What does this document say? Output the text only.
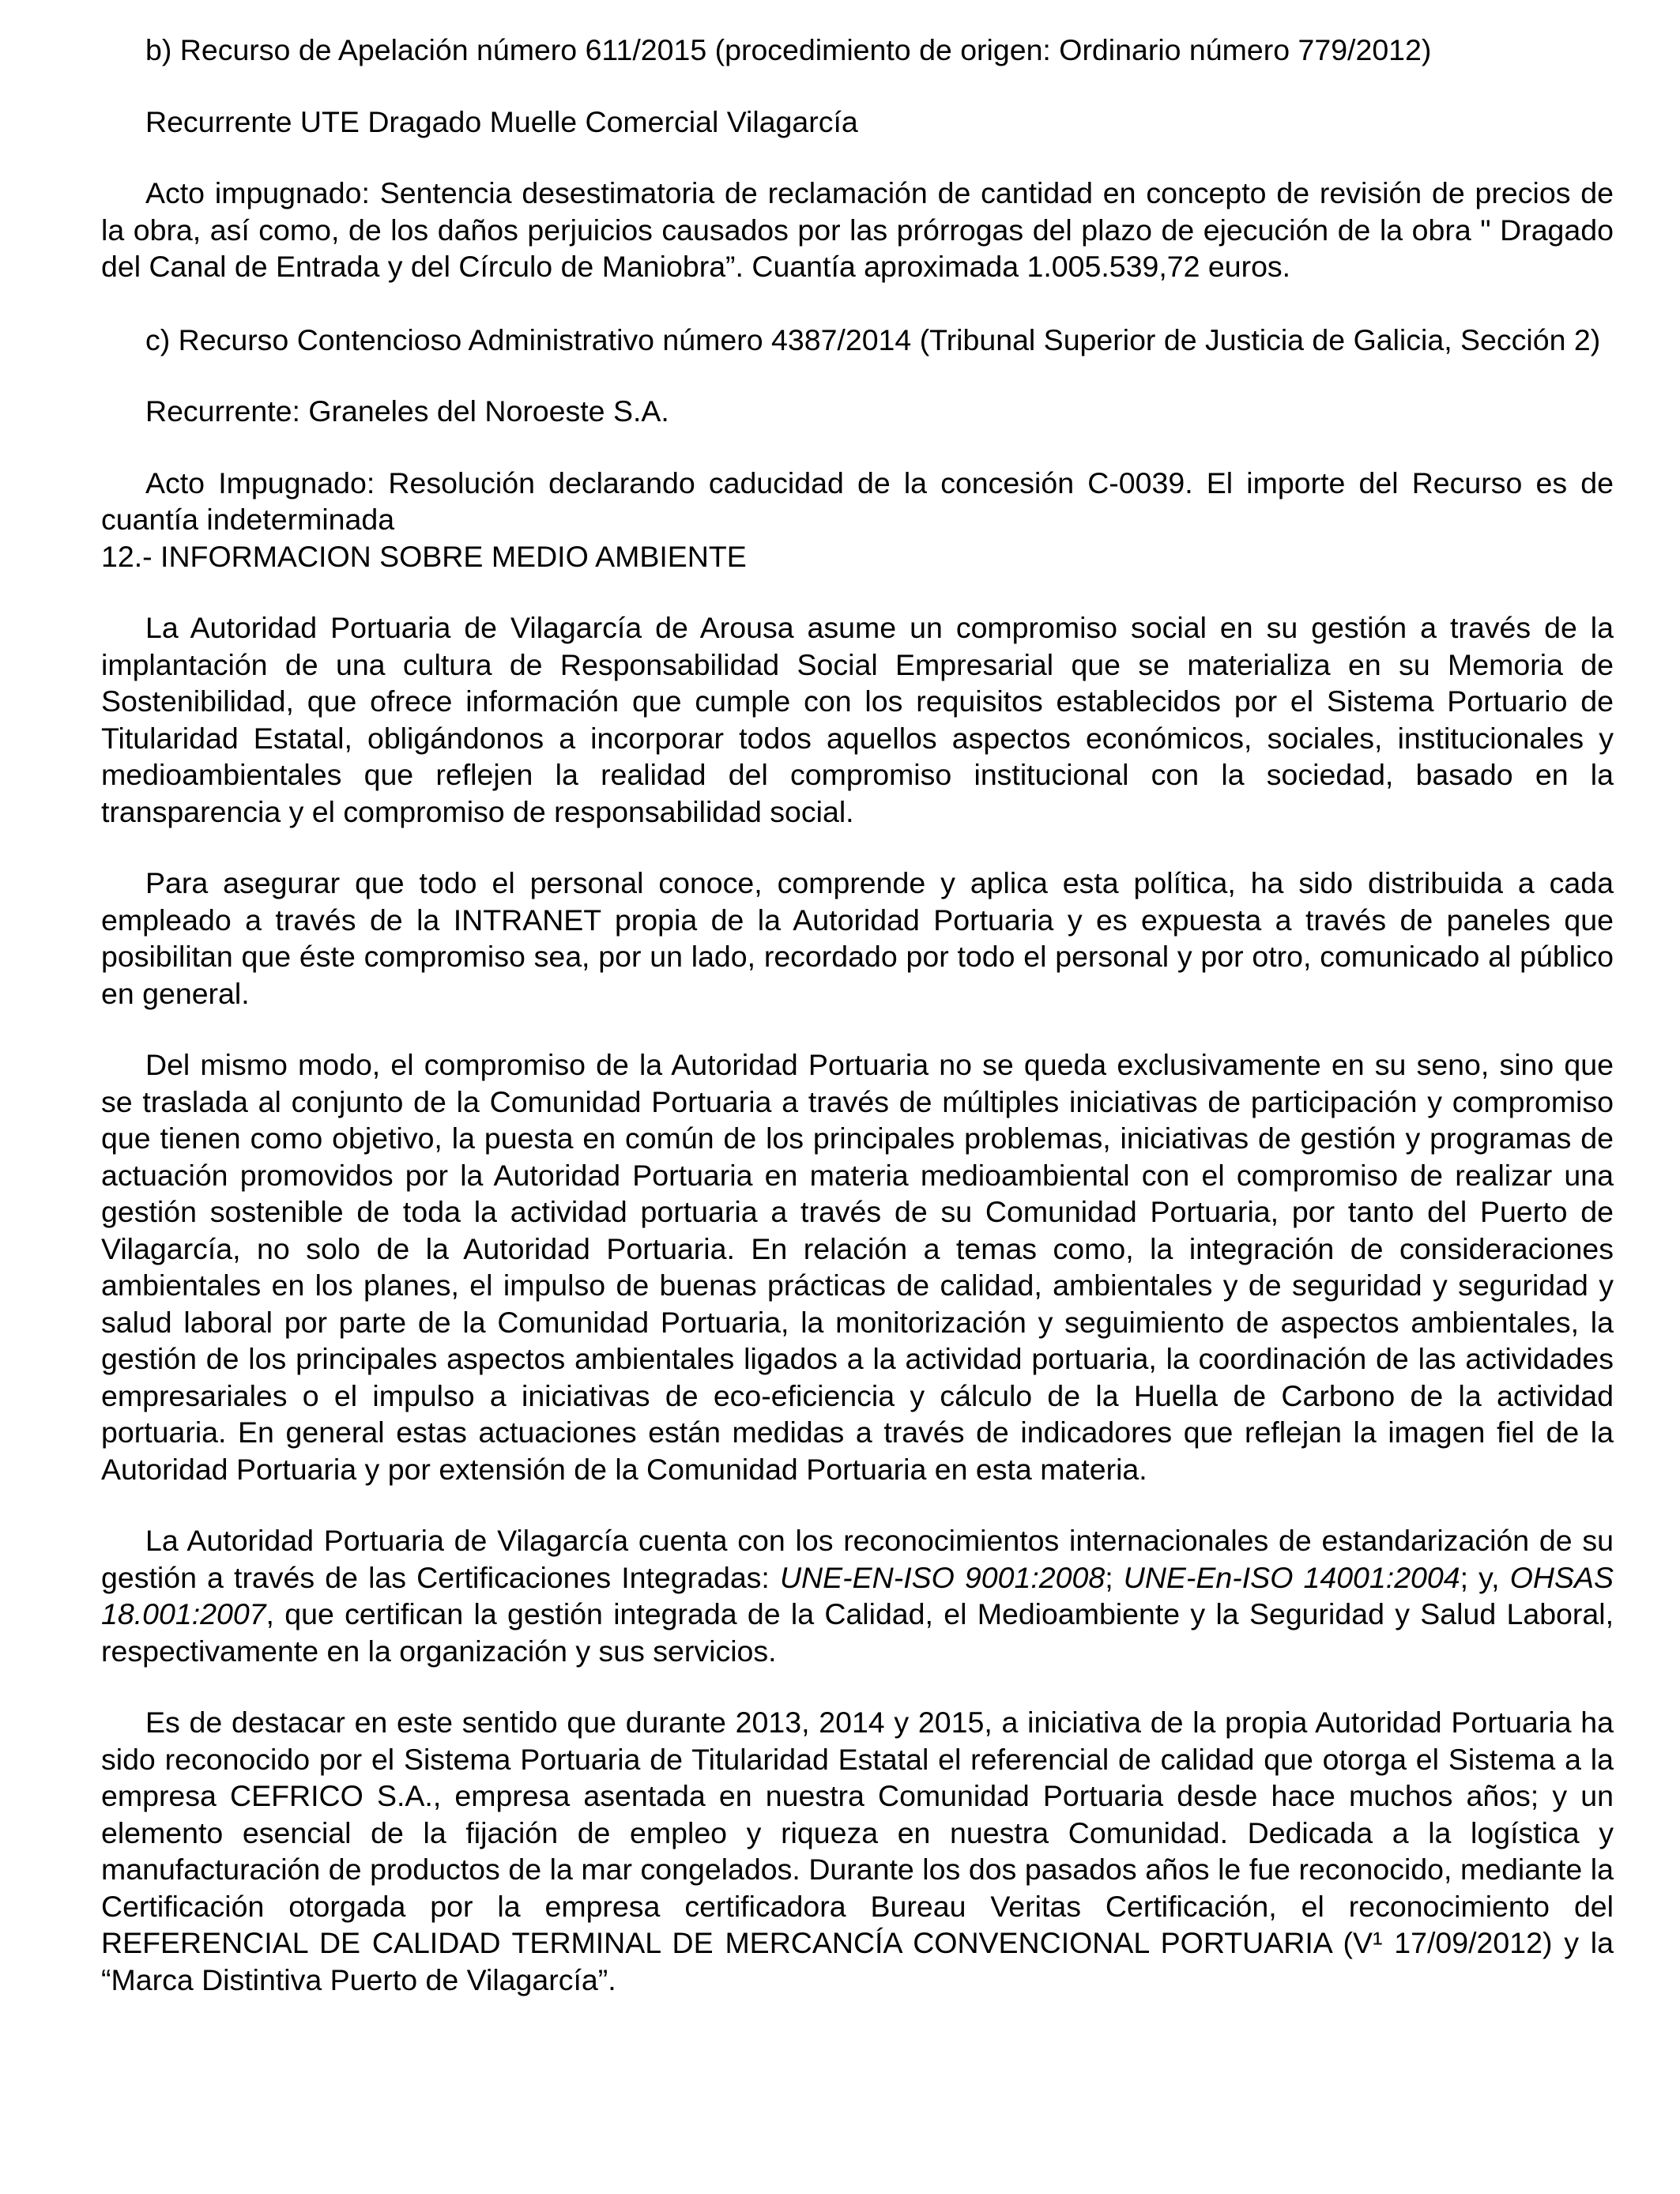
b) Recurso de Apelación número 611/2015 (procedimiento de origen: Ordinario número 779/2012)

Recurrente UTE Dragado Muelle Comercial Vilagarcía

Acto impugnado: Sentencia desestimatoria de reclamación de cantidad en concepto de revisión de precios de la obra, así como, de los daños perjuicios causados por las prórrogas del plazo de ejecución de la obra " Dragado del Canal de Entrada y del Círculo de Maniobra”. Cuantía aproximada 1.005.539,72 euros.

c) Recurso Contencioso Administrativo número 4387/2014 (Tribunal Superior de Justicia de Galicia, Sección 2)

Recurrente: Graneles del Noroeste S.A.

Acto Impugnado: Resolución declarando caducidad de la concesión C-0039. El importe del Recurso es de cuantía indeterminada

12.- INFORMACION SOBRE MEDIO AMBIENTE

La Autoridad Portuaria de Vilagarcía de Arousa asume un compromiso social en su gestión a través de la implantación de una cultura de Responsabilidad Social Empresarial que se materializa en su Memoria de Sostenibilidad, que ofrece información que cumple con los requisitos establecidos por el Sistema Portuario de Titularidad Estatal, obligándonos a incorporar todos aquellos aspectos económicos, sociales, institucionales y medioambientales que reflejen la realidad del compromiso institucional con la sociedad, basado en la transparencia y el compromiso de responsabilidad social.

Para asegurar que todo el personal conoce, comprende y aplica esta política, ha sido distribuida a cada empleado a través de la INTRANET propia de la Autoridad Portuaria y es expuesta a través de paneles que posibilitan que éste compromiso sea, por un lado, recordado por todo el personal y por otro, comunicado al público en general.

Del mismo modo, el compromiso de la Autoridad Portuaria no se queda exclusivamente en su seno, sino que se traslada al conjunto de la Comunidad Portuaria a través de múltiples iniciativas de participación y compromiso que tienen como objetivo, la puesta en común de los principales problemas, iniciativas de gestión y programas de actuación promovidos por la Autoridad Portuaria en materia medioambiental con el compromiso de realizar una gestión sostenible de toda la actividad portuaria a través de su Comunidad Portuaria, por tanto del Puerto de Vilagarcía, no solo de la Autoridad Portuaria. En relación a temas como, la integración de consideraciones ambientales en los planes, el impulso de buenas prácticas de calidad, ambientales y de seguridad y seguridad y salud laboral por parte de la Comunidad Portuaria, la monitorización y seguimiento de aspectos ambientales, la gestión de los principales aspectos ambientales ligados a la actividad portuaria, la coordinación de las actividades empresariales o el impulso a iniciativas de eco-eficiencia y cálculo de la Huella de Carbono de la actividad portuaria. En general estas actuaciones están medidas a través de indicadores que reflejan la imagen fiel de la Autoridad Portuaria y por extensión de la Comunidad Portuaria en esta materia.

La Autoridad Portuaria de Vilagarcía cuenta con los reconocimientos internacionales de estandarización de su gestión a través de las Certificaciones Integradas: UNE-EN-ISO 9001:2008; UNE-En-ISO 14001:2004; y, OHSAS 18.001:2007, que certifican la gestión integrada de la Calidad, el Medioambiente y la Seguridad y Salud Laboral, respectivamente en la organización y sus servicios.

Es de destacar en este sentido que durante 2013, 2014 y 2015, a iniciativa de la propia Autoridad Portuaria ha sido reconocido por el Sistema Portuaria de Titularidad Estatal el referencial de calidad que otorga el Sistema a la empresa CEFRICO S.A., empresa asentada en nuestra Comunidad Portuaria desde hace muchos años; y un elemento esencial de la fijación de empleo y riqueza en nuestra Comunidad. Dedicada a la logística y manufacturación de productos de la mar congelados. Durante los dos pasados años le fue reconocido, mediante la Certificación otorgada por la empresa certificadora Bureau Veritas Certificación, el reconocimiento del REFERENCIAL DE CALIDAD TERMINAL DE MERCANCÍA CONVENCIONAL PORTUARIA (V¹ 17/09/2012) y la “Marca Distintiva Puerto de Vilagarcía”.
